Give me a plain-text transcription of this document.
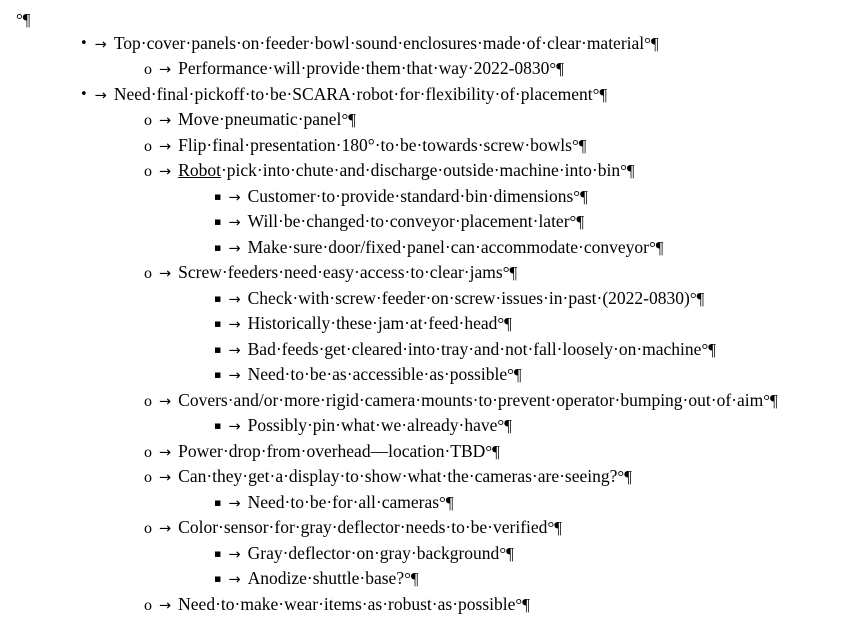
°¶
• → Top·cover·panels·on·feeder·bowl·sound·enclosures·made·of·clear·material°¶
o → Performance·will·provide·them·that·way·2022-0830°¶
• → Need·final·pickoff·to·be·SCARA·robot·for·flexibility·of·placement°¶
o → Move·pneumatic·panel°¶
o → Flip·final·presentation·180°·to·be·towards·screw·bowls°¶
o → Robot·pick·into·chute·and·discharge·outside·machine·into·bin°¶
▪ → Customer·to·provide·standard·bin·dimensions°¶
▪ → Will·be·changed·to·conveyor·placement·later°¶
▪ → Make·sure·door/fixed·panel·can·accommodate·conveyor°¶
o → Screw·feeders·need·easy·access·to·clear·jams°¶
▪ → Check·with·screw·feeder·on·screw·issues·in·past·(2022-0830)°¶
▪ → Historically·these·jam·at·feed·head°¶
▪ → Bad·feeds·get·cleared·into·tray·and·not·fall·loosely·on·machine°¶
▪ → Need·to·be·as·accessible·as·possible°¶
o → Covers·and/or·more·rigid·camera·mounts·to·prevent·operator·bumping·out·of·aim°¶
▪ → Possibly·pin·what·we·already·have°¶
o → Power·drop·from·overhead—location·TBD°¶
o → Can·they·get·a·display·to·show·what·the·cameras·are·seeing?°¶
▪ → Need·to·be·for·all·cameras°¶
o → Color·sensor·for·gray·deflector·needs·to·be·verified°¶
▪ → Gray·deflector·on·gray·background°¶
▪ → Anodize·shuttle·base?°¶
o → Need·to·make·wear·items·as·robust·as·possible°¶
